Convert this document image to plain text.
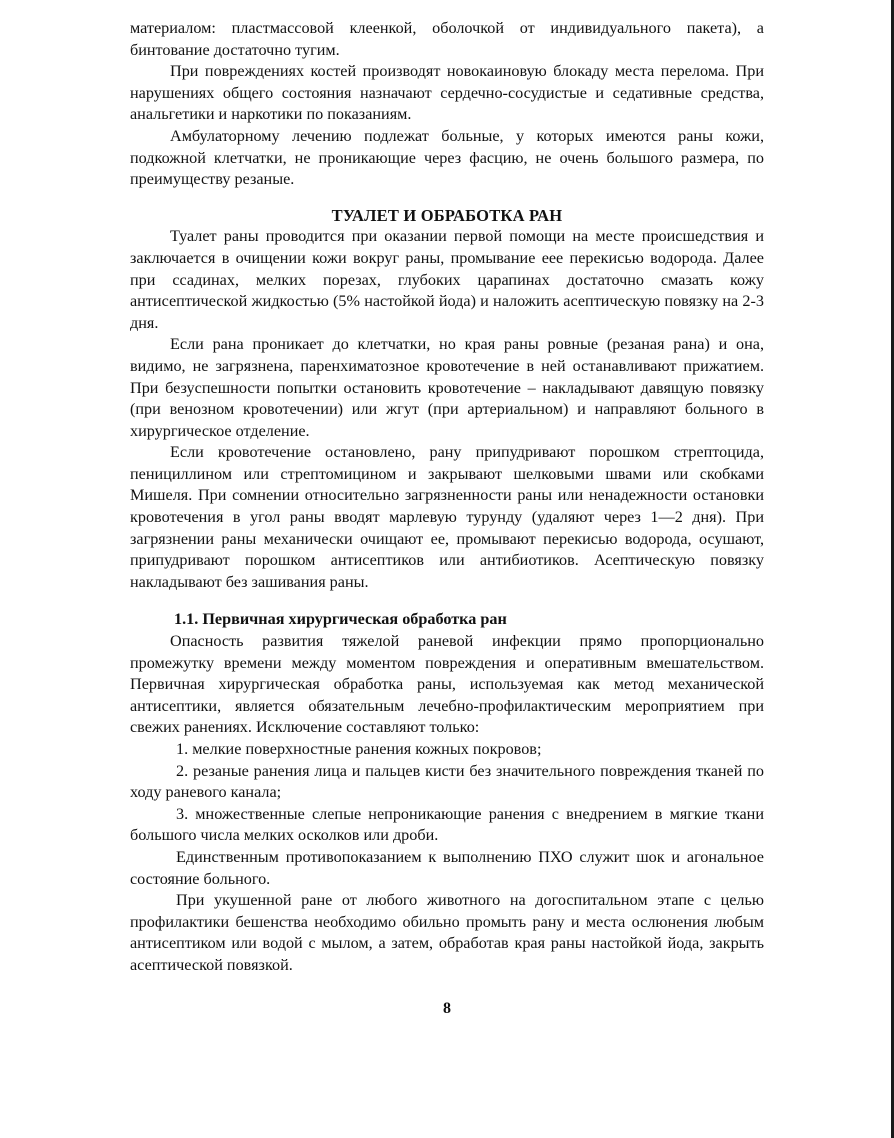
материалом: пластмассовой клеенкой, оболочкой от индивидуального пакета), а бинтование достаточно тугим.

При повреждениях костей производят новокаиновую блокаду места перелома. При нарушениях общего состояния назначают сердечно-сосудистые и седативные средства, анальгетики и наркотики по показаниям.

Амбулаторному лечению подлежат больные, у которых имеются раны кожи, подкожной клетчатки, не проникающие через фасцию, не очень большого размера, по преимуществу резаные.

ТУАЛЕТ И ОБРАБОТКА РАН

Туалет раны проводится при оказании первой помощи на месте происшедствия и заключается в очищении кожи вокруг раны, промывание ееe перекисью водорода. Далее при ссадинах, мелких порезах, глубоких царапинах достаточно смазать кожу антисептической жидкостью (5% настойкой йода) и наложить асептическую повязку на 2-3 дня.

Если рана проникает до клетчатки, но края раны ровные (резаная рана) и она, видимо, не загрязнена, паренхиматозное кровотечение в ней останавливают прижатием. При безуспешности попытки остановить кровотечение – накладывают давящую повязку (при венозном кровотечении) или жгут (при артериальном) и направляют больного в хирургическое отделение.

Если кровотечение остановлено, рану припудривают порошком стрептоцида, пенициллином или стрептомицином и закрывают шелковыми швами или скобками Мишеля. При сомнении относительно загрязненности раны или ненадежности остановки кровотечения в угол раны вводят марлевую турунду (удаляют через 1—2 дня). При загрязнении раны механически очищают ее, промывают перекисью водорода, осушают, припудривают порошком антисептиков или антибиотиков. Асептическую повязку накладывают без зашивания раны.

1.1. Первичная хирургическая обработка ран

Опасность развития тяжелой раневой инфекции прямо пропорционально промежутку времени между моментом повреждения и оперативным вмешательством. Первичная хирургическая обработка раны, используемая как метод механической антисептики, является обязательным лечебно-профилактическим мероприятием при свежих ранениях. Исключение составляют только:

1. мелкие поверхностные ранения кожных покровов;

2. резаные ранения лица и пальцев кисти без значительного повреждения тканей по ходу раневого канала;

3. множественные слепые непроникающие ранения с внедрением в мягкие ткани большого числа мелких осколков или дроби.

Единственным противопоказанием к выполнению ПХО служит шок и агональное состояние больного.

При укушенной ране от любого животного на догоспитальном этапе с целью профилактики бешенства необходимо обильно промыть рану и места ослюнения любым антисептиком или водой с мылом, а затем, обработав края раны настойкой йода, закрыть асептической повязкой.

8
